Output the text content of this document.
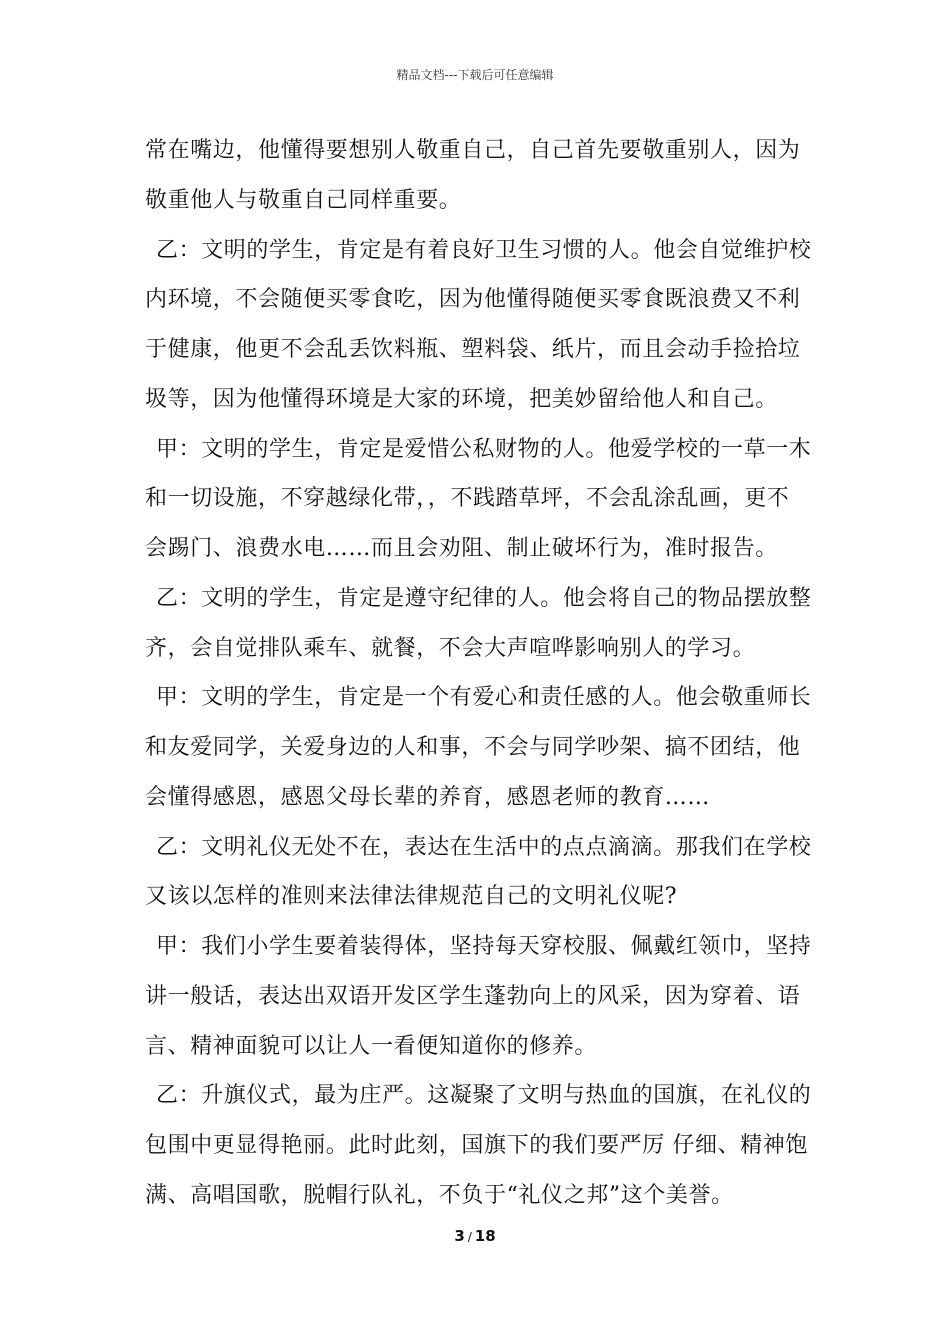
精品文档---下载后可任意编辑
常在嘴边，他懂得要想别人敬重自己，自己首先要敬重别人，因为
敬重他人与敬重自己同样重要。
乙：文明的学生，肯定是有着良好卫生习惯的人。他会自觉维护校
内环境，不会随便买零食吃，因为他懂得随便买零食既浪费又不利
于健康，他更不会乱丢饮料瓶、塑料袋、纸片，而且会动手捡拾垃
圾等，因为他懂得环境是大家的环境，把美妙留给他人和自己。
甲：文明的学生，肯定是爱惜公私财物的人。他爱学校的一草一木
和一切设施，不穿越绿化带，，不践踏草坪，不会乱涂乱画，更不
会踢门、浪费水电……而且会劝阻、制止破坏行为，准时报告。
乙：文明的学生，肯定是遵守纪律的人。他会将自己的物品摆放整
齐，会自觉排队乘车、就餐，不会大声喧哗影响别人的学习。
甲：文明的学生，肯定是一个有爱心和责任感的人。他会敬重师长
和友爱同学，关爱身边的人和事，不会与同学吵架、搞不团结，他
会懂得感恩，感恩父母长辈的养育，感恩老师的教育……
乙：文明礼仪无处不在，表达在生活中的点点滴滴。那我们在学校
又该以怎样的准则来法律法律规范自己的文明礼仪呢?
甲：我们小学生要着装得体，坚持每天穿校服、佩戴红领巾，坚持
讲一般话，表达出双语开发区学生蓬勃向上的风采，因为穿着、语
言、精神面貌可以让人一看便知道你的修养。
乙：升旗仪式，最为庄严。这凝聚了文明与热血的国旗，在礼仪的
包围中更显得艳丽。此时此刻，国旗下的我们要严厉 仔细、精神饱
满、高唱国歌，脱帽行队礼，不负于“礼仪之邦”这个美誉。
3 / 18
